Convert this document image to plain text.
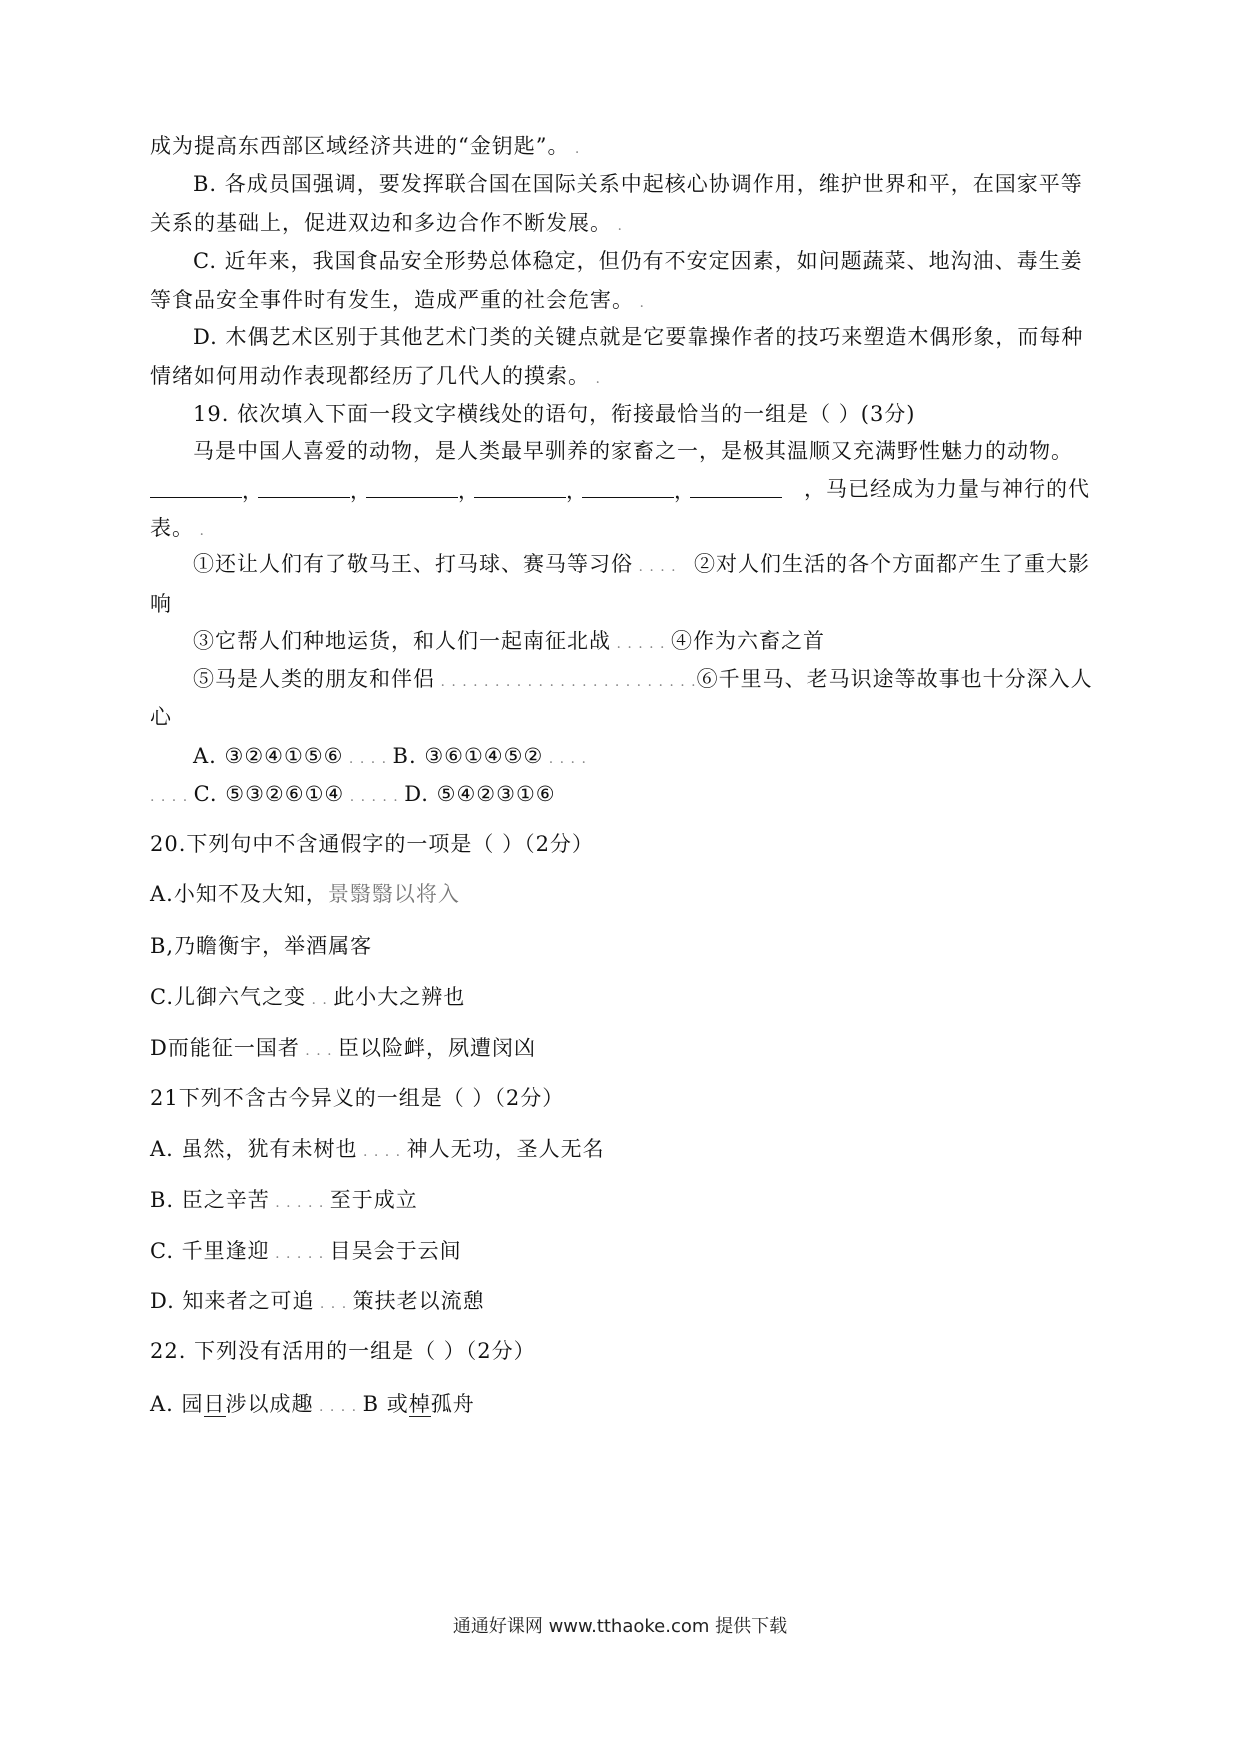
成为提高东西部区域经济共进的“金钥匙”。 .
B. 各成员国强调，要发挥联合国在国际关系中起核心协调作用，维护世界和平，在国家平等
关系的基础上，促进双边和多边合作不断发展。 .
C. 近年来，我国食品安全形势总体稳定，但仍有不安定因素，如问题蔬菜、地沟油、毒生姜
等食品安全事件时有发生，造成严重的社会危害。 .
D. 木偶艺术区别于其他艺术门类的关键点就是它要靠操作者的技巧来塑造木偶形象，而每种
情绪如何用动作表现都经历了几代人的摸索。 .
19. 依次填入下面一段文字横线处的语句，衔接最恰当的一组是（ ）(3分)
马是中国人喜爱的动物，是人类最早驯养的家畜之一，是极其温顺又充满野性魅力的动物。
，	，	，	，	，	，马已经成为力量与神行的代
表。 .
①还让人们有了敬马王、打马球、赛马等习俗 . . . . ②对人们生活的各个方面都产生了重大影
响
③它帮人们种地运货，和人们一起南征北战 . . . . . ④作为六畜之首
⑤马是人类的朋友和伴侣 . . . . . . . . . . . . . . . . . . . . . . . . ⑥千里马、老马识途等故事也十分深入人
心
A. ③②④①⑤⑥ . . . . B. ③⑥①④⑤② . . . .
. . . . C. ⑤③②⑥①④ . . . . . D. ⑤④②③①⑥
20.下列句中不含通假字的一项是（ ）（2分）
A.小知不及大知，景翳翳以将入
B,乃瞻衡宇，举酒属客
C.儿御六气之变 . . 此小大之辨也
D而能征一国者 . . . 臣以险衅，夙遭闵凶
21下列不含古今异义的一组是（ ）（2分）
A. 虽然，犹有未树也 . . . . 神人无功，圣人无名
B. 臣之辛苦 . . . . . 至于成立
C. 千里逢迎 . . . . . 目吴会于云间
D. 知来者之可追 . . . 策扶老以流憩
22. 下列没有活用的一组是（ ）（2分）
A. 园日涉以成趣 . . . . B 或棹孤舟
通通好课网 www.tthaoke.com 提供下载
